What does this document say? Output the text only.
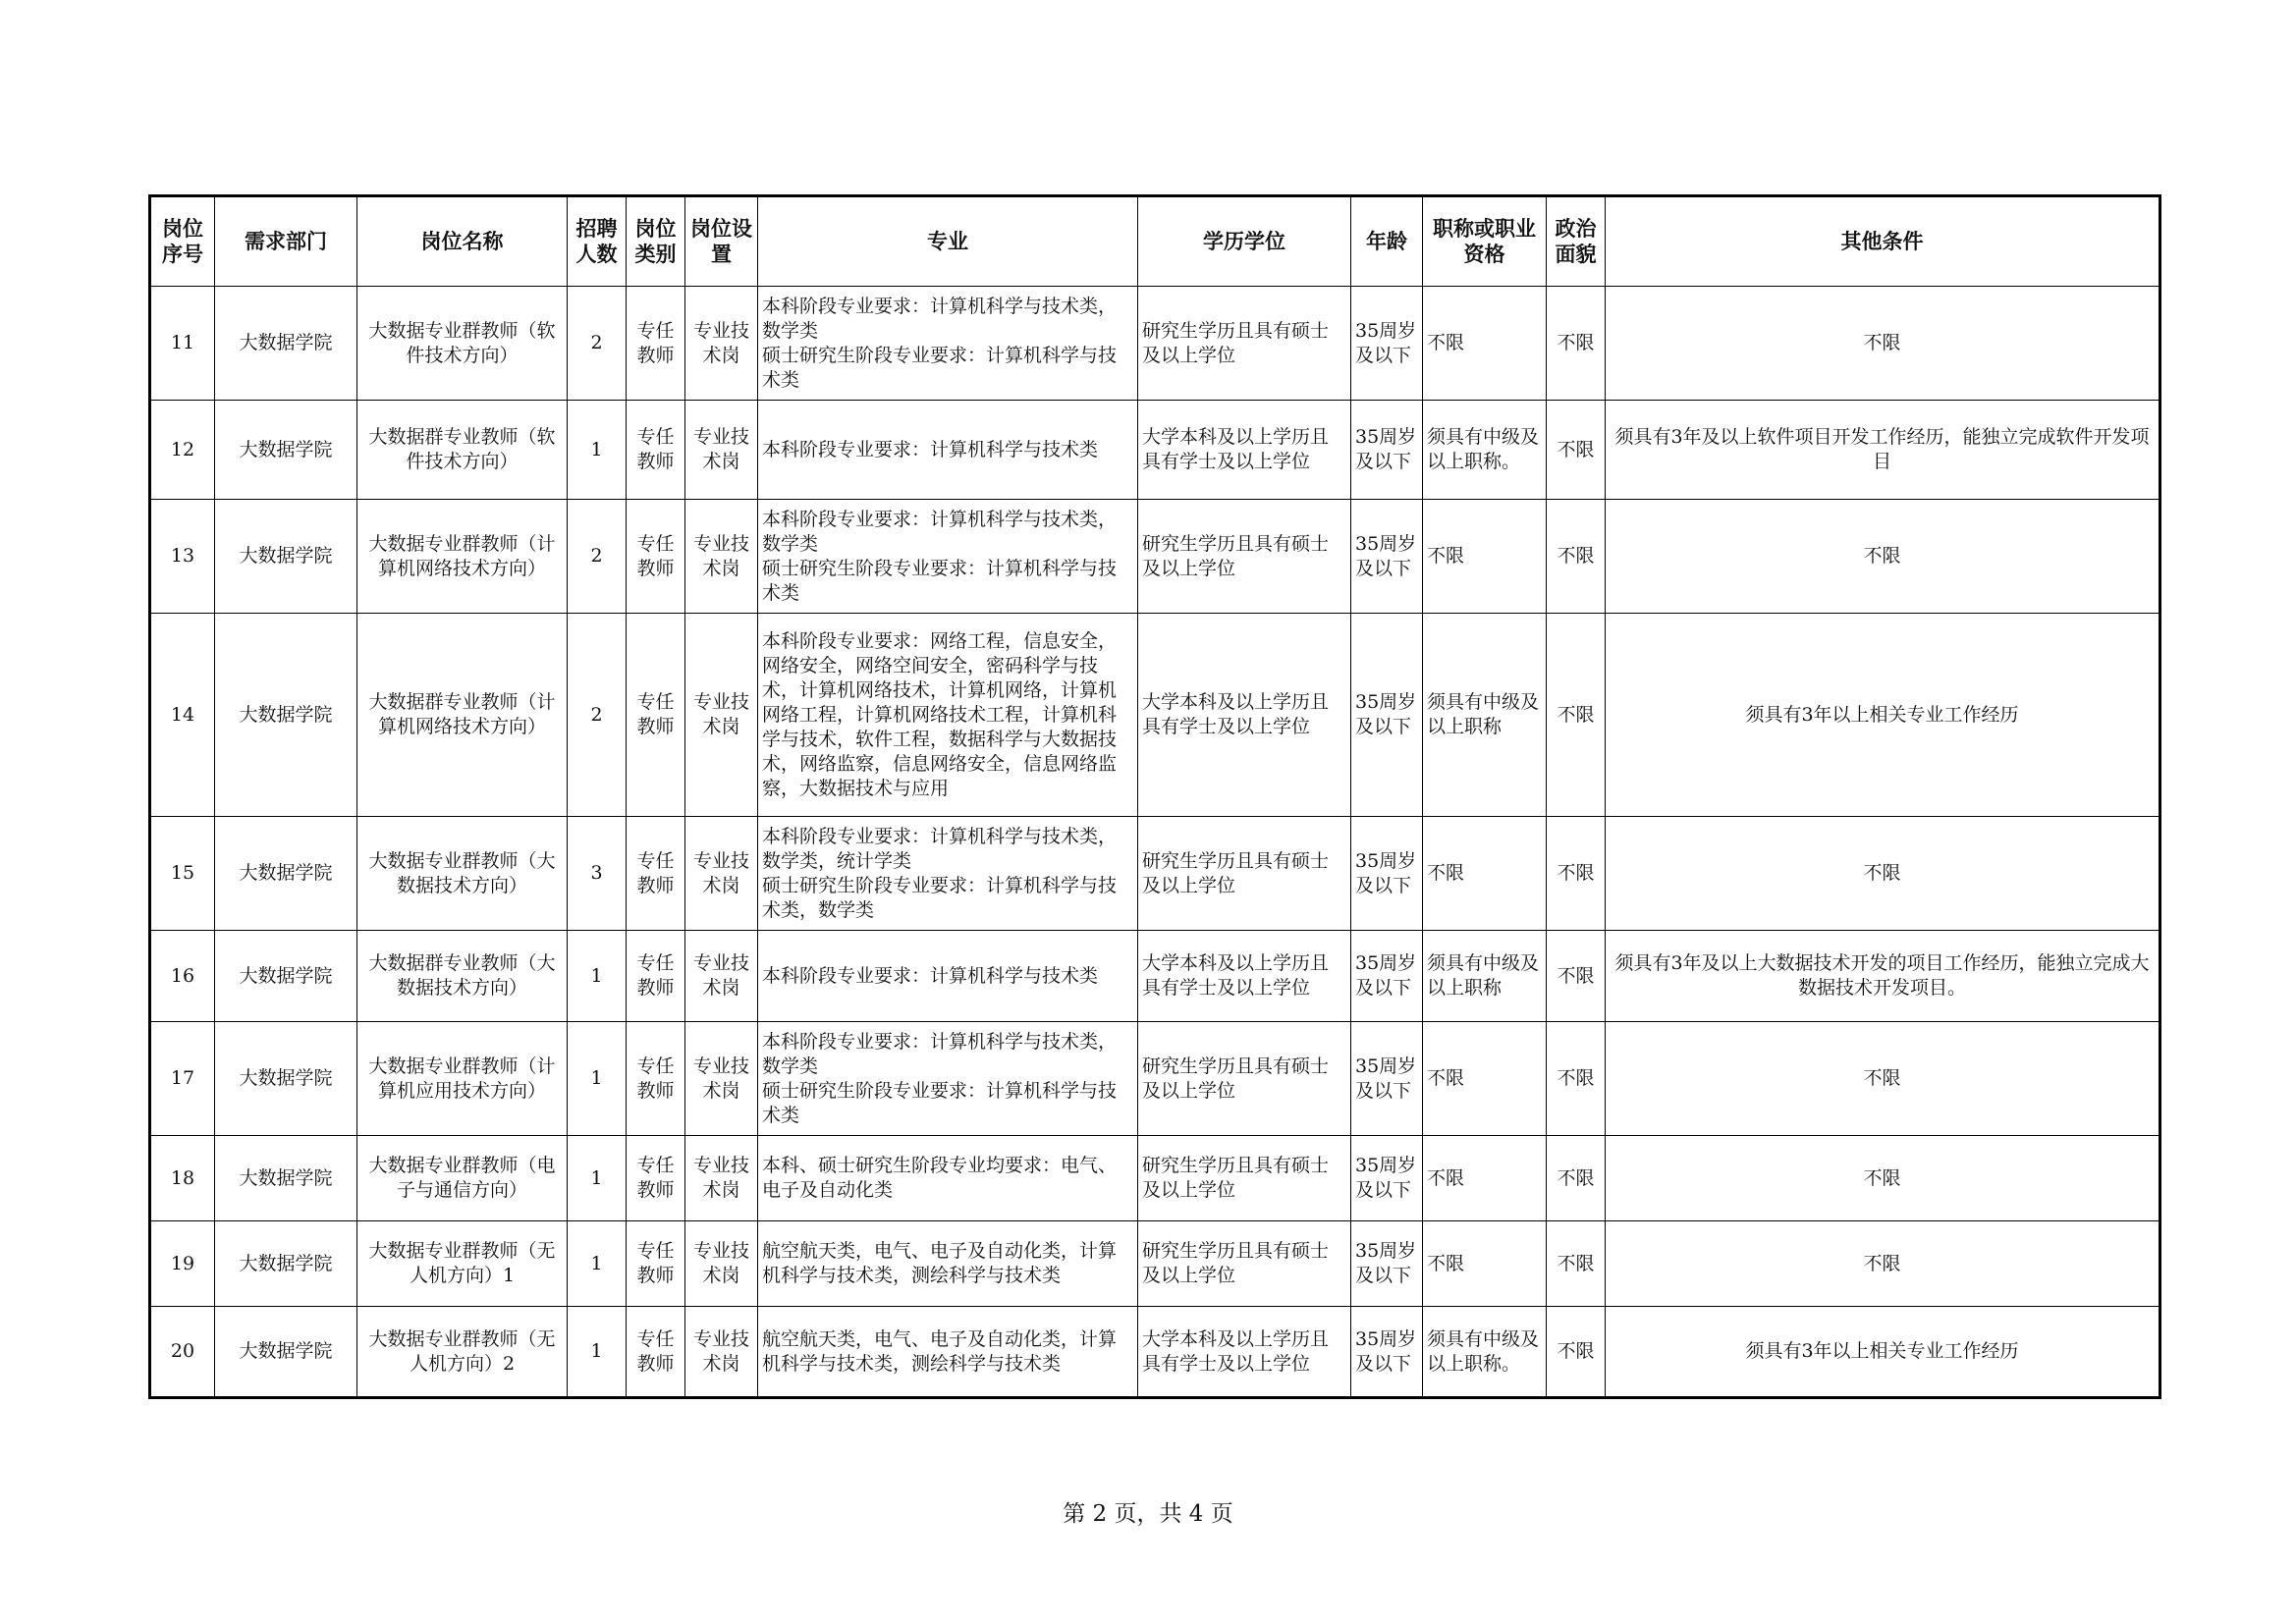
岗位序号	需求部门	岗位名称	招聘人数	岗位类别	岗位设置	专业	学历学位	年龄	职称或职业资格	政治面貌	其他条件
11	大数据学院	大数据专业群教师（软件技术方向）	2	专任教师	专业技术岗	本科阶段专业要求：计算机科学与技术类，数学类
硕士研究生阶段专业要求：计算机科学与技术类	研究生学历且具有硕士及以上学位	35周岁及以下	不限	不限	不限
12	大数据学院	大数据群专业教师（软件技术方向）	1	专任教师	专业技术岗	本科阶段专业要求：计算机科学与技术类	大学本科及以上学历且具有学士及以上学位	35周岁及以下	须具有中级及以上职称。	不限	须具有3年及以上软件项目开发工作经历，能独立完成软件开发项目
13	大数据学院	大数据专业群教师（计算机网络技术方向）	2	专任教师	专业技术岗	本科阶段专业要求：计算机科学与技术类，数学类
硕士研究生阶段专业要求：计算机科学与技术类	研究生学历且具有硕士及以上学位	35周岁及以下	不限	不限	不限
14	大数据学院	大数据群专业教师（计算机网络技术方向）	2	专任教师	专业技术岗	本科阶段专业要求：网络工程，信息安全，网络安全，网络空间安全，密码科学与技术，计算机网络技术，计算机网络，计算机网络工程，计算机网络技术工程，计算机科学与技术，软件工程，数据科学与大数据技术，网络监察，信息网络安全，信息网络监察，大数据技术与应用	大学本科及以上学历且具有学士及以上学位	35周岁及以下	须具有中级及以上职称	不限	须具有3年以上相关专业工作经历
15	大数据学院	大数据专业群教师（大数据技术方向）	3	专任教师	专业技术岗	本科阶段专业要求：计算机科学与技术类，数学类，统计学类
硕士研究生阶段专业要求：计算机科学与技术类，数学类	研究生学历且具有硕士及以上学位	35周岁及以下	不限	不限	不限
16	大数据学院	大数据群专业教师（大数据技术方向）	1	专任教师	专业技术岗	本科阶段专业要求：计算机科学与技术类	大学本科及以上学历且具有学士及以上学位	35周岁及以下	须具有中级及以上职称	不限	须具有3年及以上大数据技术开发的项目工作经历，能独立完成大数据技术开发项目。
17	大数据学院	大数据专业群教师（计算机应用技术方向）	1	专任教师	专业技术岗	本科阶段专业要求：计算机科学与技术类，数学类
硕士研究生阶段专业要求：计算机科学与技术类	研究生学历且具有硕士及以上学位	35周岁及以下	不限	不限	不限
18	大数据学院	大数据专业群教师（电子与通信方向）	1	专任教师	专业技术岗	本科、硕士研究生阶段专业均要求：电气、电子及自动化类	研究生学历且具有硕士及以上学位	35周岁及以下	不限	不限	不限
19	大数据学院	大数据专业群教师（无人机方向）1	1	专任教师	专业技术岗	航空航天类，电气、电子及自动化类，计算机科学与技术类，测绘科学与技术类	研究生学历且具有硕士及以上学位	35周岁及以下	不限	不限	不限
20	大数据学院	大数据专业群教师（无人机方向）2	1	专任教师	专业技术岗	航空航天类，电气、电子及自动化类，计算机科学与技术类，测绘科学与技术类	大学本科及以上学历且具有学士及以上学位	35周岁及以下	须具有中级及以上职称。	不限	须具有3年以上相关专业工作经历
第 2 页，共 4 页
